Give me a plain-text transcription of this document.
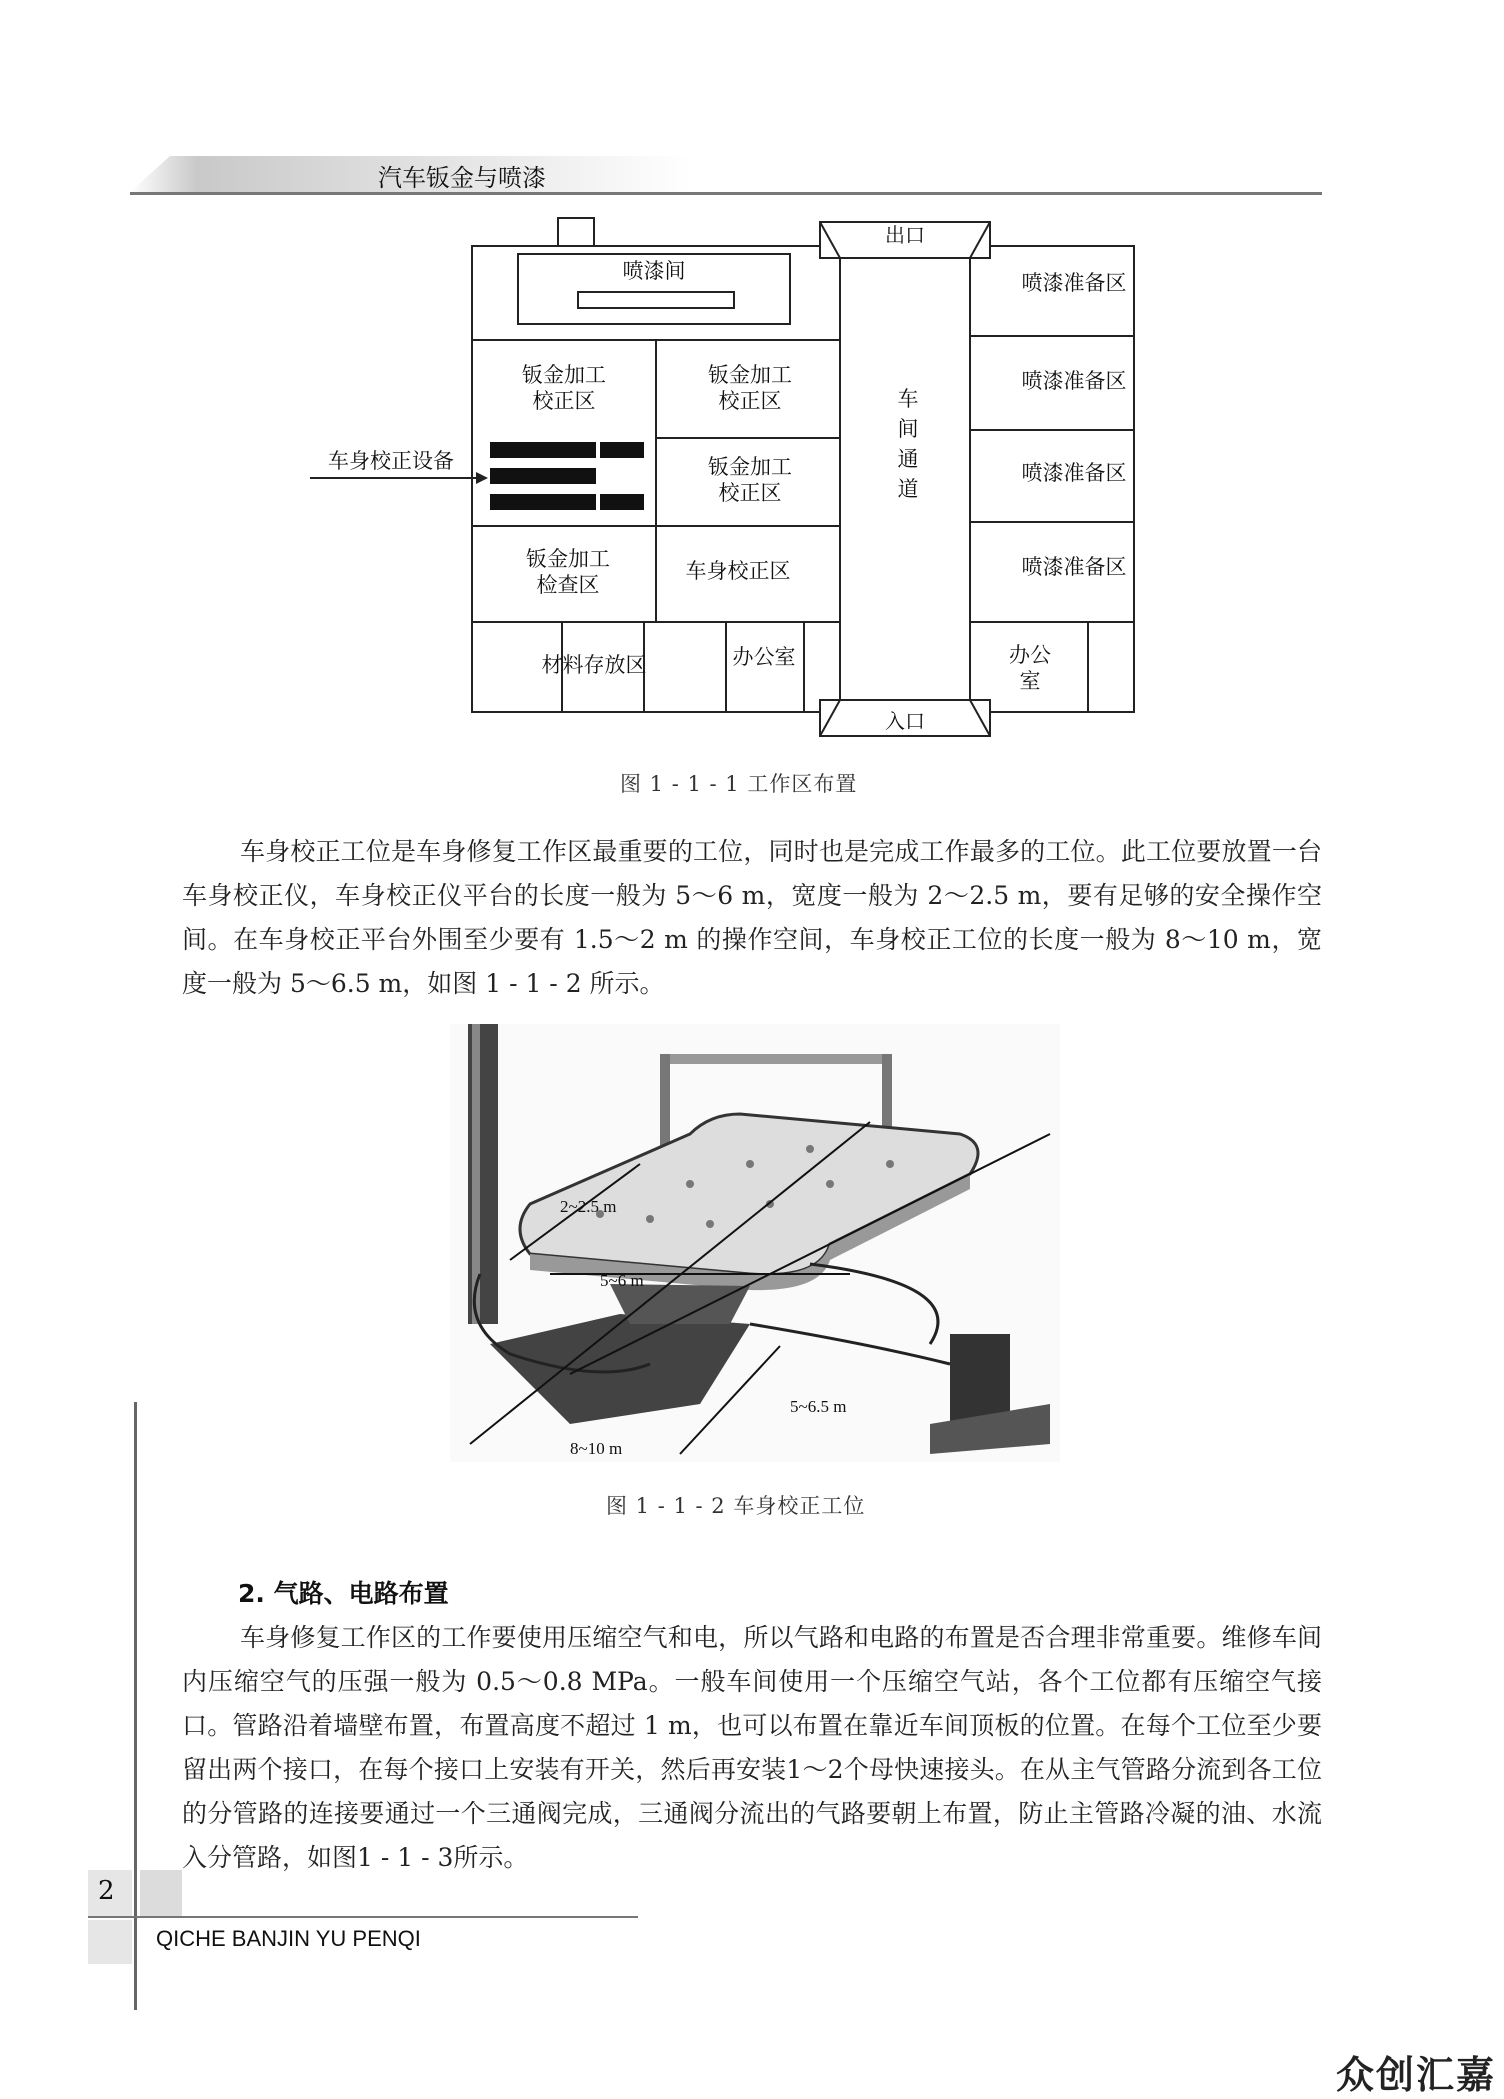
汽车钣金与喷漆
喷漆间
出口
入口
钣金加工
校正区
钣金加工
校正区
钣金加工
校正区
钣金加工
检查区
车身校正区
车身校正设备
车
间
通
道
喷漆准备区
喷漆准备区
喷漆准备区
喷漆准备区
材料存放区	办公室	办公
室
图 1 - 1 - 1 工作区布置
车身校正工位是车身修复工作区最重要的工位，同时也是完成工作最多的工位。此工位要放置一台车身校正仪，车身校正仪平台的长度一般为 5～6 m，宽度一般为 2～2.5 m，要有足够的安全操作空间。在车身校正平台外围至少要有 1.5～2 m 的操作空间，车身校正工位的长度一般为 8～10 m，宽度一般为 5～6.5 m，如图 1 - 1 - 2 所示。
2~2.5 m
5~6 m
5~6.5 m
8~10 m
图 1 - 1 - 2 车身校正工位
2. 气路、电路布置
车身修复工作区的工作要使用压缩空气和电，所以气路和电路的布置是否合理非常重要。维修车间内压缩空气的压强一般为 0.5～0.8 MPa。一般车间使用一个压缩空气站，各个工位都有压缩空气接口。管路沿着墙壁布置，布置高度不超过 1 m，也可以布置在靠近车间顶板的位置。在每个工位至少要留出两个接口，在每个接口上安装有开关，然后再安装1～2个母快速接头。在从主气管路分流到各工位的分管路的连接要通过一个三通阀完成，三通阀分流出的气路要朝上布置，防止主管路冷凝的油、水流入分管路，如图1 - 1 - 3所示。
2
QICHE BANJIN YU PENQI
众创汇嘉
